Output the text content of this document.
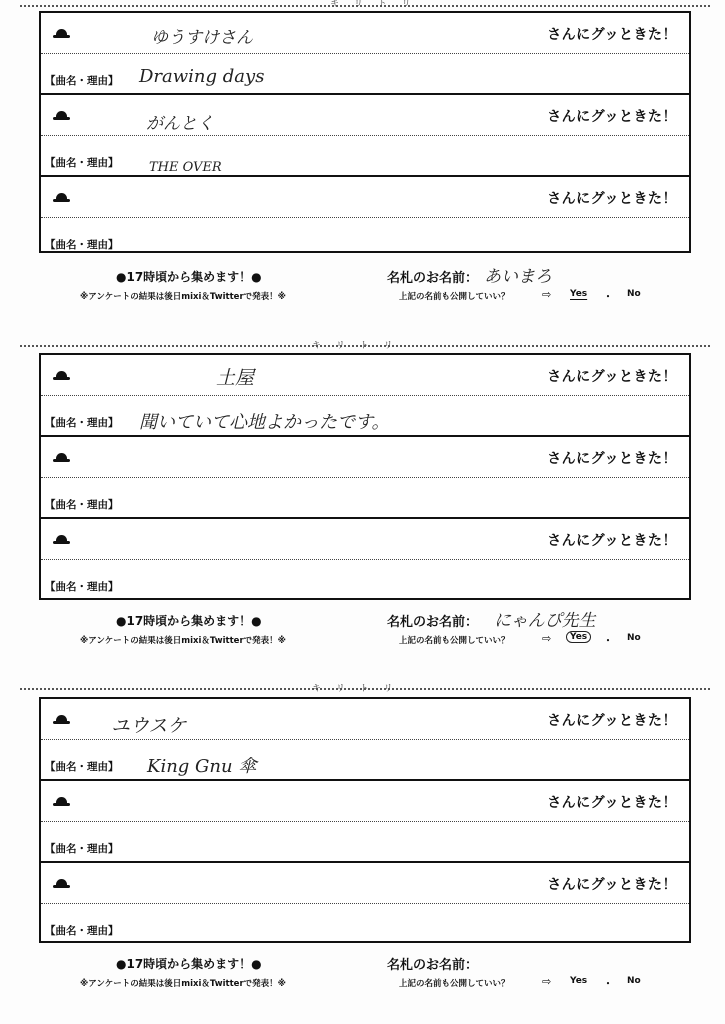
キ リ ト リ
キ リ ト リ
キ リ ト リ
ゆうすけさん	さんにグッときた！
【曲名・理由】 Drawing days
がんとく	さんにグッときた！
【曲名・理由】 THE OVER
さんにグッときた！
【曲名・理由】
●17時頃から集めます！●
※アンケートの結果は後日mixi＆Twitterで発表！※
名札のお名前： あいまろ
上記の名前も公開していい？	⇨ Yes ・ No
土屋	さんにグッときた！
【曲名・理由】 聞いていて心地よかったです。
さんにグッときた！
【曲名・理由】
さんにグッときた！
【曲名・理由】
●17時頃から集めます！●
※アンケートの結果は後日mixi＆Twitterで発表！※
名札のお名前： にゃんぴ先生
上記の名前も公開していい？	⇨	Yes	・ No
ユウスケ	さんにグッときた！
【曲名・理由】 King Gnu 傘
さんにグッときた！
【曲名・理由】
さんにグッときた！
【曲名・理由】
●17時頃から集めます！●
※アンケートの結果は後日mixi＆Twitterで発表！※
名札のお名前：
上記の名前も公開していい？	⇨ Yes ・ No
